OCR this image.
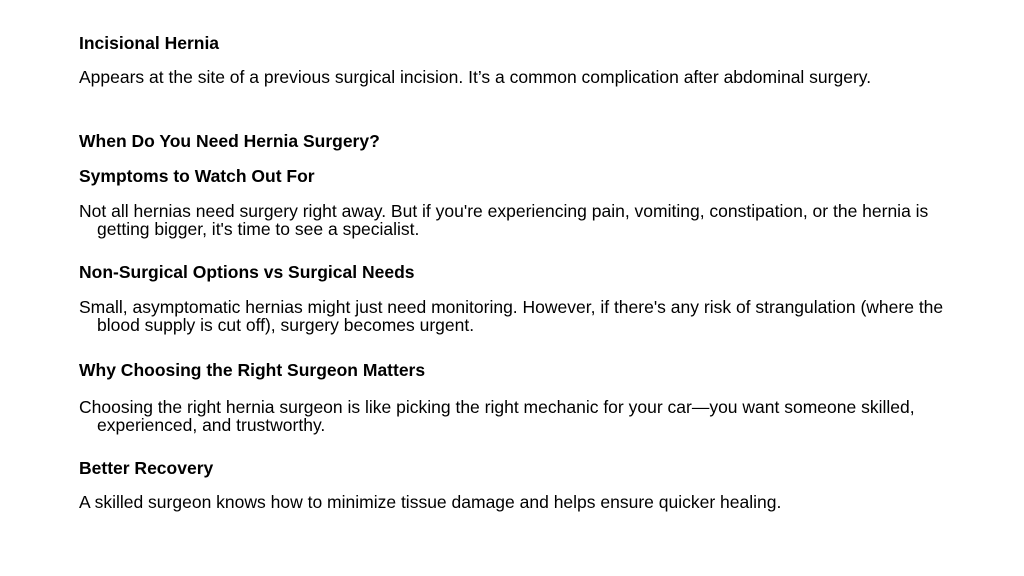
Incisional Hernia

Appears at the site of a previous surgical incision. It’s a common complication after abdominal surgery.

When Do You Need Hernia Surgery?
Symptoms to Watch Out For

Not all hernias need surgery right away. But if you're experiencing pain, vomiting, constipation, or the hernia is getting bigger, it's time to see a specialist.

Non-Surgical Options vs Surgical Needs

Small, asymptomatic hernias might just need monitoring. However, if there's any risk of strangulation (where the blood supply is cut off), surgery becomes urgent.

Why Choosing the Right Surgeon Matters

Choosing the right hernia surgeon is like picking the right mechanic for your car—you want someone skilled, experienced, and trustworthy.

Better Recovery

A skilled surgeon knows how to minimize tissue damage and helps ensure quicker healing.
